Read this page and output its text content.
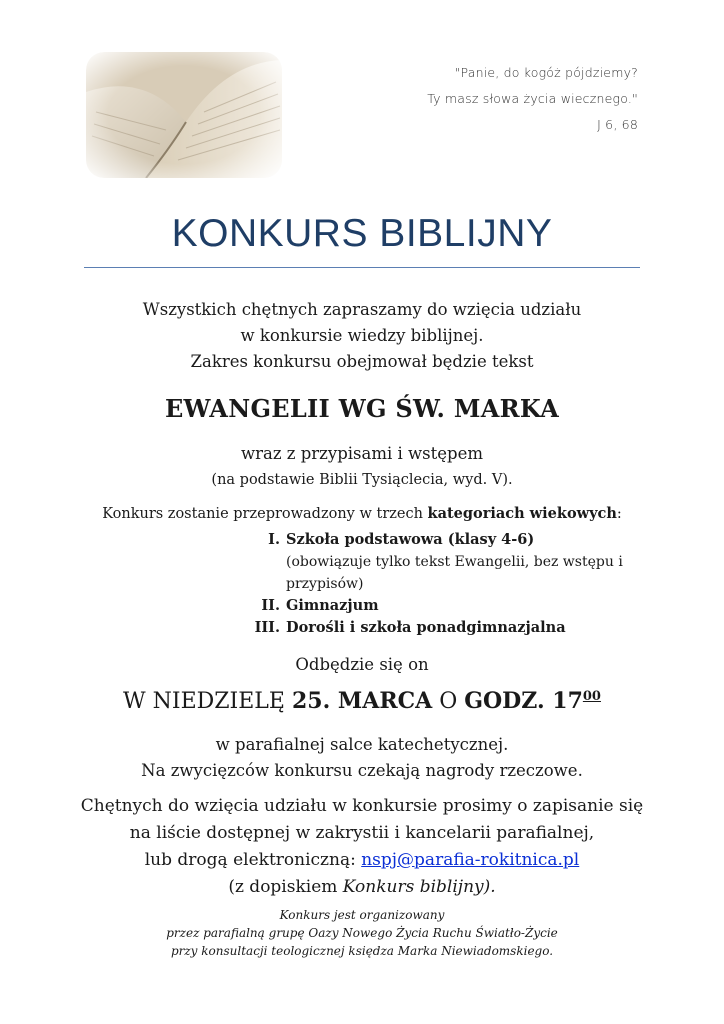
"Panie, do kogóż pójdziemy?
Ty masz słowa życia wiecznego."
J 6, 68
KONKURS BIBLIJNY
Wszystkich chętnych zapraszamy do wzięcia udziału
w konkursie wiedzy biblijnej.
Zakres konkursu obejmował będzie tekst
EWANGELII WG ŚW. MARKA
wraz z przypisami i wstępem
(na podstawie Biblii Tysiąclecia, wyd. V).
Konkurs zostanie przeprowadzony w trzech kategoriach wiekowych:
I. Szkoła podstawowa (klasy 4-6)
(obowiązuje tylko tekst Ewangelii, bez wstępu i przypisów)
II. Gimnazjum
III. Dorośli i szkoła ponadgimnazjalna
Odbędzie się on
W NIEDZIELĘ 25. MARCA O GODZ. $17^{00}$
w parafialnej salce katechetycznej.
Na zwycięzców konkursu czekają nagrody rzeczowe.
Chętnych do wzięcia udziału w konkursie prosimy o zapisanie się
na liście dostępnej w zakrystii i kancelarii parafialnej,
lub drogą elektroniczną: nspj@parafia-rokitnica.pl
(z dopiskiem Konkurs biblijny).
Konkurs jest organizowany
przez parafialną grupę Oazy Nowego Życia Ruchu Światło-Życie
przy konsultacji teologicznej księdza Marka Niewiadomskiego.
